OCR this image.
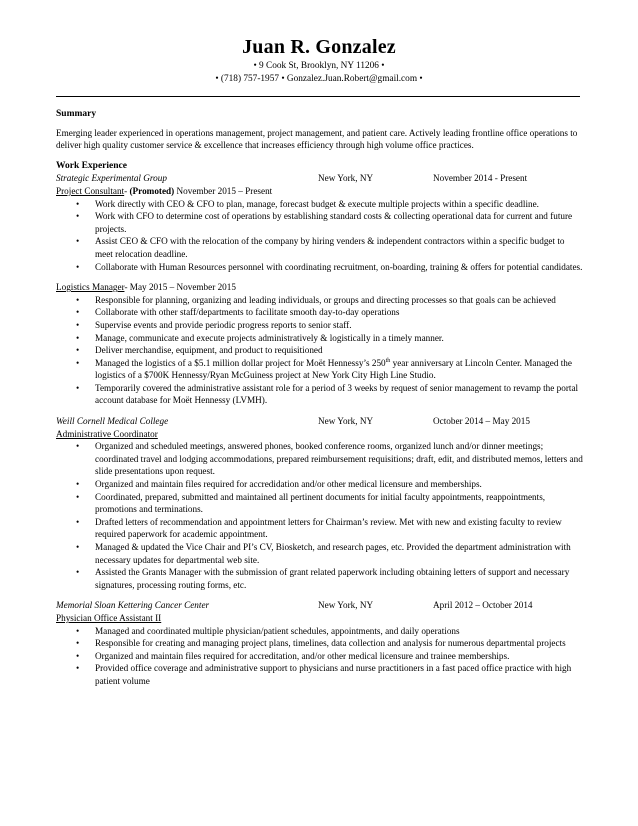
Juan R. Gonzalez
• 9 Cook St, Brooklyn, NY 11206 •
• (718) 757-1957 • Gonzalez.Juan.Robert@gmail.com •
Summary
Emerging leader experienced in operations management, project management, and patient care. Actively leading frontline office operations to deliver high quality customer service & excellence that increases efficiency through high volume office practices.
Work Experience
Strategic Experimental Group	New York, NY	November 2014 - Present
Project Consultant- (Promoted) November 2015 – Present
• Work directly with CEO & CFO to plan, manage, forecast budget & execute multiple projects within a specific deadline.
• Work with CFO to determine cost of operations by establishing standard costs & collecting operational data for current and future projects.
• Assist CEO & CFO with the relocation of the company by hiring venders & independent contractors within a specific budget to meet relocation deadline.
• Collaborate with Human Resources personnel with coordinating recruitment, on-boarding, training & offers for potential candidates.
Logistics Manager- May 2015 – November 2015
• Responsible for planning, organizing and leading individuals, or groups and directing processes so that goals can be achieved
• Collaborate with other staff/departments to facilitate smooth day-to-day operations
• Supervise events and provide periodic progress reports to senior staff.
• Manage, communicate and execute projects administratively & logistically in a timely manner.
• Deliver merchandise, equipment, and product to requisitioned
• Managed the logistics of a $5.1 million dollar project for Moët Hennessy’s 250th year anniversary at Lincoln Center. Managed the logistics of a $700K Hennessy/Ryan McGuiness project at New York City High Line Studio.
• Temporarily covered the administrative assistant role for a period of 3 weeks by request of senior management to revamp the portal account database for Moët Hennessy (LVMH).
Weill Cornell Medical College	New York, NY	October 2014 – May 2015
Administrative Coordinator
• Organized and scheduled meetings, answered phones, booked conference rooms, organized lunch and/or dinner meetings; coordinated travel and lodging accommodations, prepared reimbursement requisitions; draft, edit, and distributed memos, letters and slide presentations upon request.
• Organized and maintain files required for accredidation and/or other medical licensure and memberships.
• Coordinated, prepared, submitted and maintained all pertinent documents for initial faculty appointments, reappointments, promotions and terminations.
• Drafted letters of recommendation and appointment letters for Chairman’s review. Met with new and existing faculty to review required paperwork for academic appointment.
• Managed & updated the Vice Chair and PI’s CV, Biosketch, and research pages, etc. Provided the department administration with necessary updates for departmental web site.
• Assisted the Grants Manager with the submission of grant related paperwork including obtaining letters of support and necessary signatures, processing routing forms, etc.
Memorial Sloan Kettering Cancer Center	New York, NY	April 2012 – October 2014
Physician Office Assistant II
• Managed and coordinated multiple physician/patient schedules, appointments, and daily operations
• Responsible for creating and managing project plans, timelines, data collection and analysis for numerous departmental projects
• Organized and maintain files required for accreditation, and/or other medical licensure and trainee memberships.
• Provided office coverage and administrative support to physicians and nurse practitioners in a fast paced office practice with high patient volume
